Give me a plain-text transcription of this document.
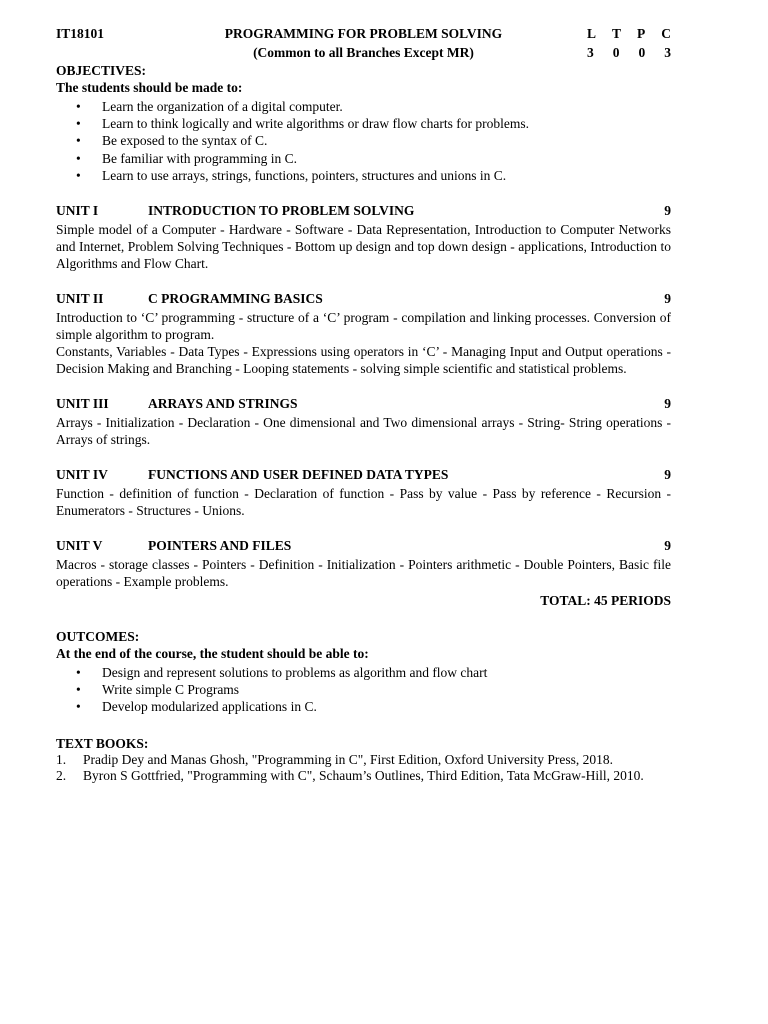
IT18101	PROGRAMMING FOR PROBLEM SOLVING
(Common to all Branches Except MR)
L T P C
3 0 0 3
OBJECTIVES:
The students should be made to:
• Learn the organization of a digital computer.
• Learn to think logically and write algorithms or draw flow charts for problems.
• Be exposed to the syntax of C.
• Be familiar with programming in C.
• Learn to use arrays, strings, functions, pointers, structures and unions in C.
UNIT I	INTRODUCTION TO PROBLEM SOLVING	9
Simple model of a Computer - Hardware - Software - Data Representation, Introduction to Computer Networks and Internet, Problem Solving Techniques - Bottom up design and top down design - applications, Introduction to Algorithms and Flow Chart.
UNIT II	C PROGRAMMING BASICS	9
Introduction to ‘C’ programming - structure of a ‘C’ program - compilation and linking processes. Conversion of simple algorithm to program.
Constants, Variables - Data Types - Expressions using operators in ‘C’ - Managing Input and Output operations - Decision Making and Branching - Looping statements - solving simple scientific and statistical problems.
UNIT III	ARRAYS AND STRINGS	9
Arrays - Initialization - Declaration - One dimensional and Two dimensional arrays - String- String operations - Arrays of strings.
UNIT IV	FUNCTIONS AND USER DEFINED DATA TYPES	9
Function - definition of function - Declaration of function - Pass by value - Pass by reference - Recursion - Enumerators - Structures - Unions.
UNIT V	POINTERS AND FILES	9
Macros - storage classes - Pointers - Definition - Initialization - Pointers arithmetic - Double Pointers, Basic file operations - Example problems.
TOTAL: 45 PERIODS
OUTCOMES:
At the end of the course, the student should be able to:
• Design and represent solutions to problems as algorithm and flow chart
• Write simple C Programs
• Develop modularized applications in C.
TEXT BOOKS:
1. Pradip Dey and Manas Ghosh, "Programming in C", First Edition, Oxford University Press, 2018.
2. Byron S Gottfried, "Programming with C", Schaum’s Outlines, Third Edition, Tata McGraw-Hill, 2010.
